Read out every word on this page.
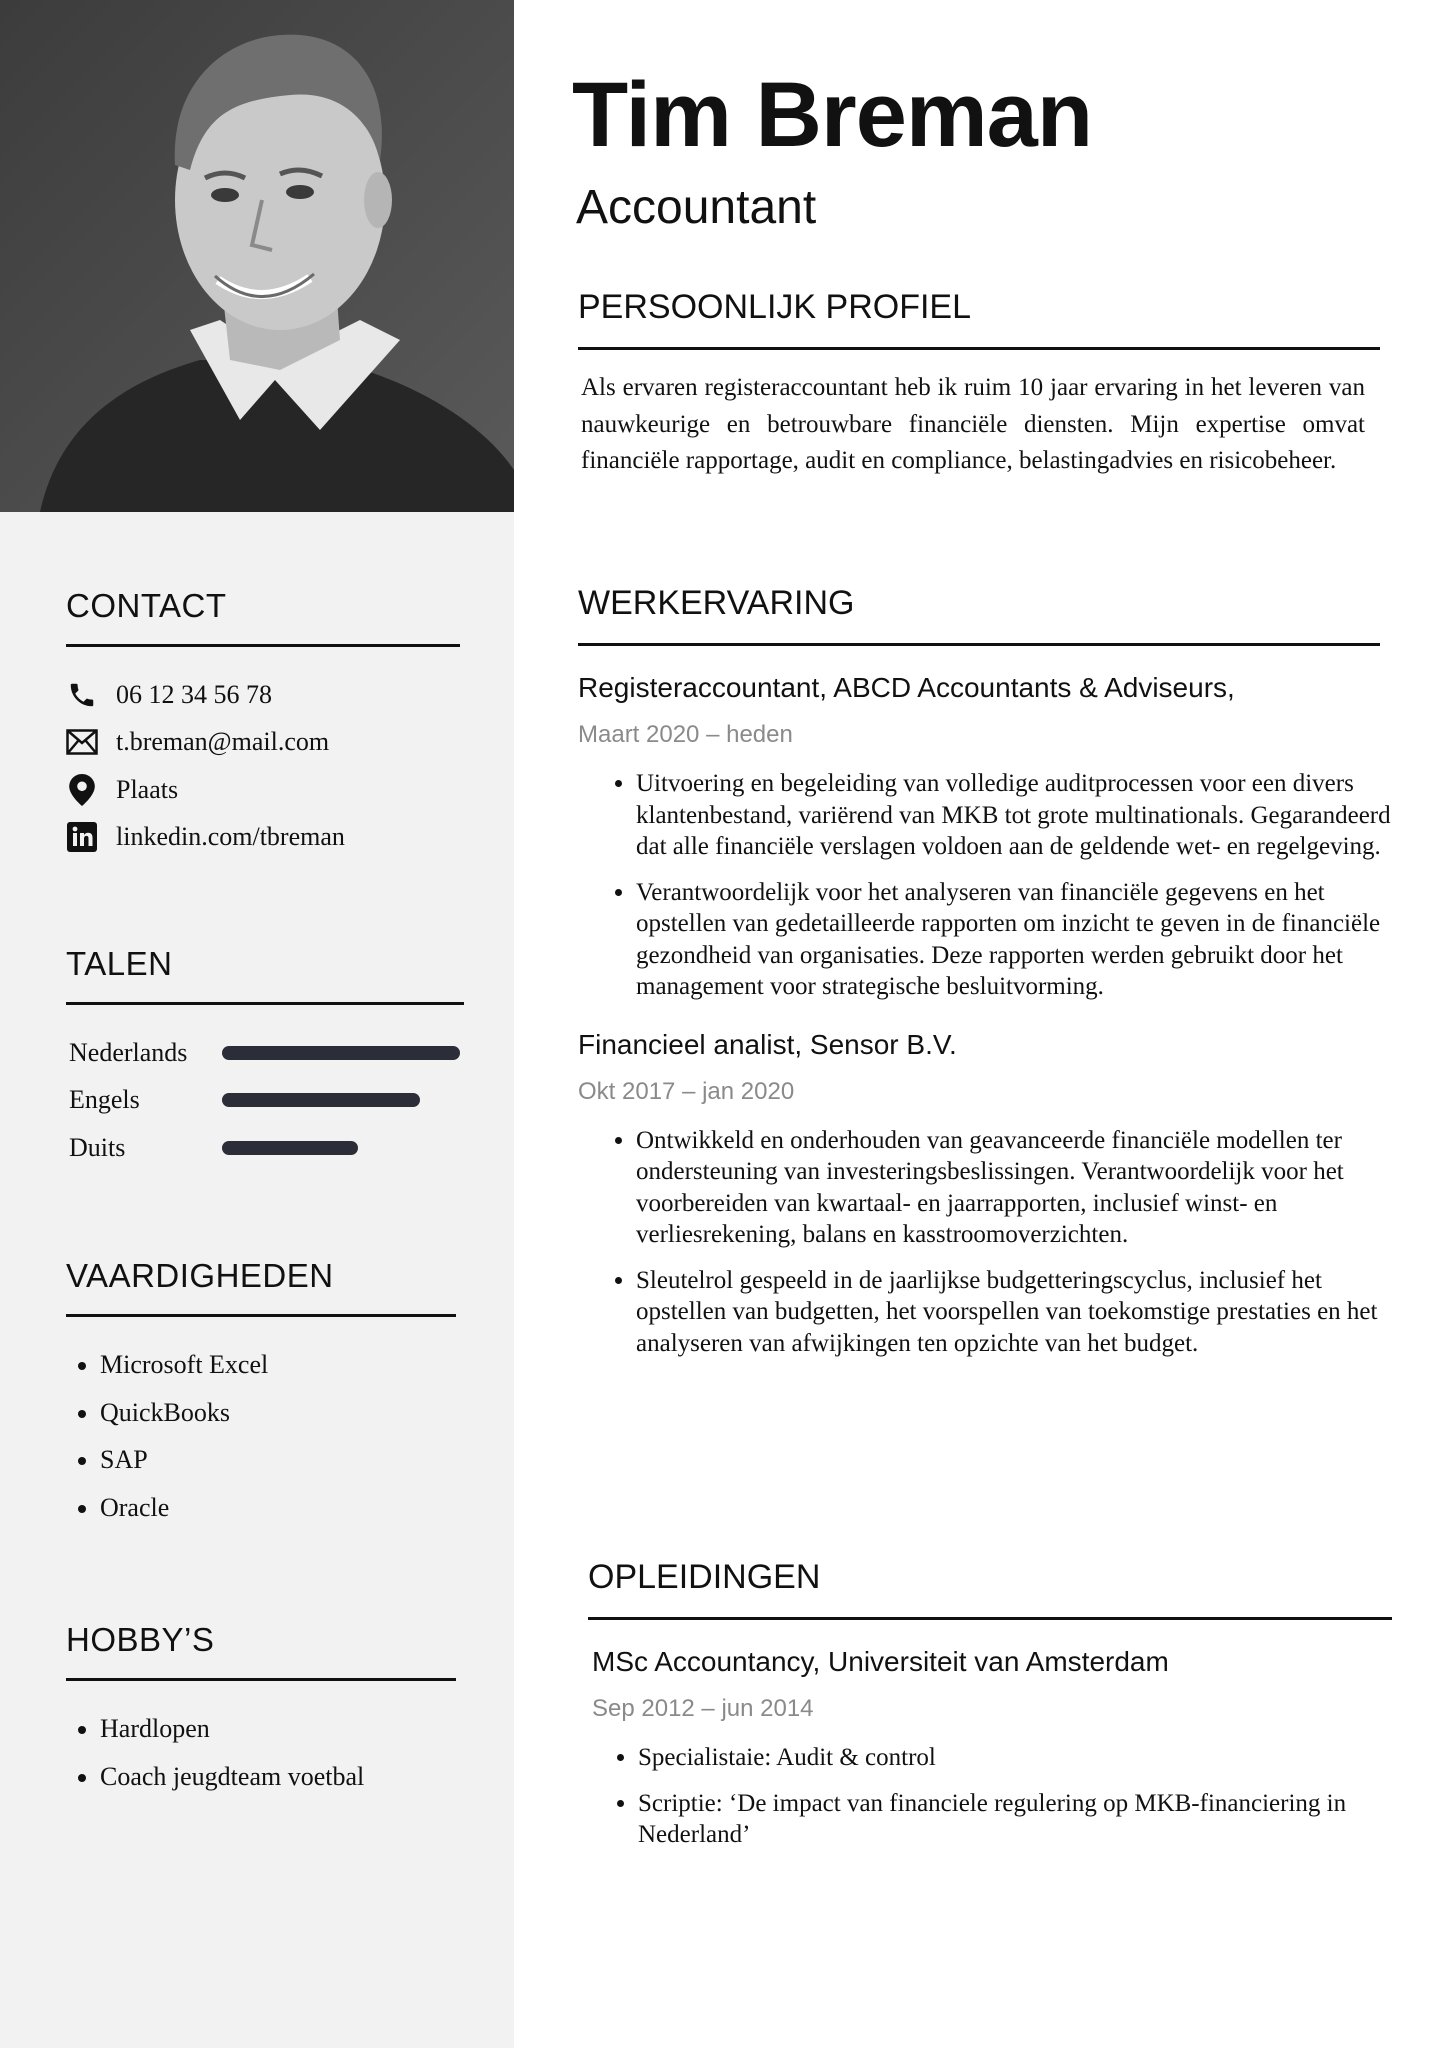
Tim Breman
Accountant
CONTACT
06 12 34 56 78
t.breman@mail.com
Plaats
linkedin.com/tbreman
TALEN
Nederlands
Engels
Duits
VAARDIGHEDEN
• Microsoft Excel
• QuickBooks
• SAP
• Oracle
HOBBY’S
• Hardlopen
• Coach jeugdteam voetbal
PERSOONLIJK PROFIEL

Als ervaren registeraccountant heb ik ruim 10 jaar ervaring in het leveren van nauwkeurige en betrouwbare financiële diensten. Mijn expertise omvat financiële rapportage, audit en compliance, belastingadvies en risicobeheer.

WERKERVARING
Registeraccountant, ABCD Accountants & Adviseurs,

Maart 2020 – heden

• Uitvoering en begeleiding van volledige auditprocessen voor een divers klantenbestand, variërend van MKB tot grote multinationals. Gegarandeerd dat alle financiële verslagen voldoen aan de geldende wet- en regelgeving.
• Verantwoordelijk voor het analyseren van financiële gegevens en het opstellen van gedetailleerde rapporten om inzicht te geven in de financiële gezondheid van organisaties. Deze rapporten werden gebruikt door het management voor strategische besluitvorming.
Financieel analist, Sensor B.V.

Okt 2017 – jan 2020

• Ontwikkeld en onderhouden van geavanceerde financiële modellen ter ondersteuning van investeringsbeslissingen. Verantwoordelijk voor het voorbereiden van kwartaal- en jaarrapporten, inclusief winst- en verliesrekening, balans en kasstroomoverzichten.
• Sleutelrol gespeeld in de jaarlijkse budgetteringscyclus, inclusief het opstellen van budgetten, het voorspellen van toekomstige prestaties en het analyseren van afwijkingen ten opzichte van het budget.
OPLEIDINGEN
MSc Accountancy, Universiteit van Amsterdam

Sep 2012 – jun 2014

• Specialistaie: Audit & control
• Scriptie: ‘De impact van financiele regulering op MKB-financiering in Nederland’
